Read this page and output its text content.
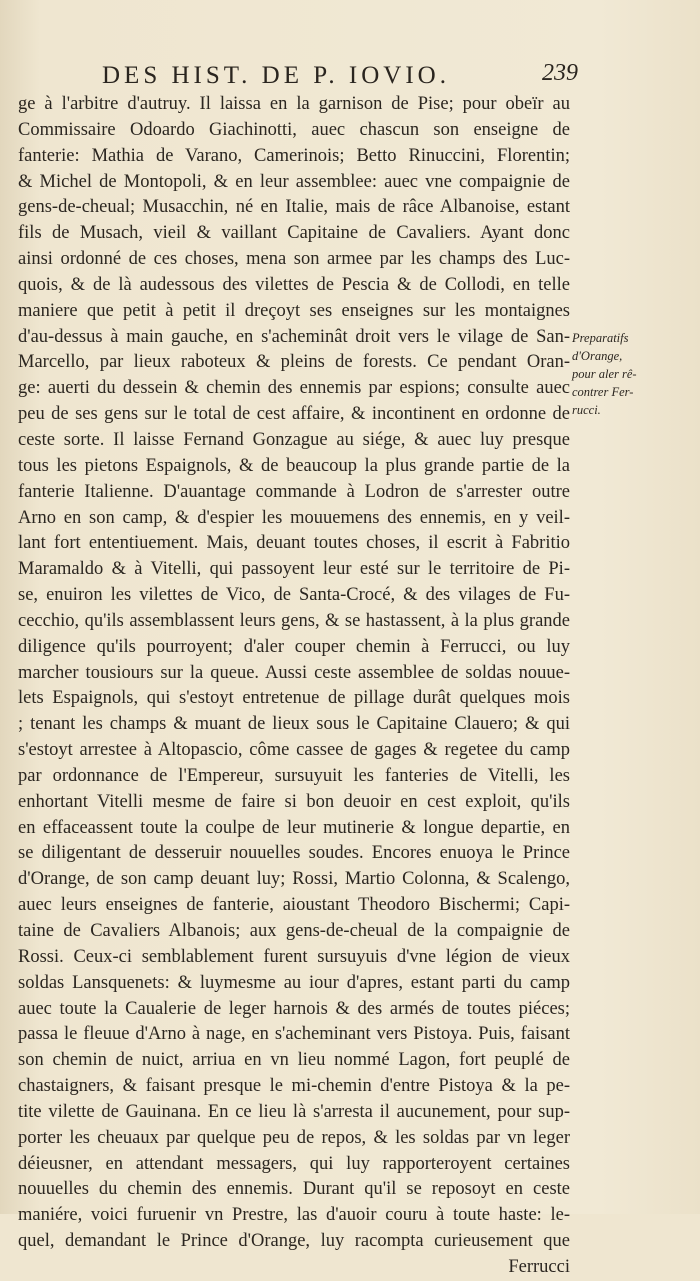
DES HIST. DE P. IOVIO.	239
ge à l'arbitre d'autruy. Il laissa en la garnison de Pise; pour obeïr au
Commissaire Odoardo Giachinotti, auec chascun son enseigne de
fanterie: Mathia de Varano, Camerinois; Betto Rinuccini, Florentin;
& Michel de Montopoli, & en leur assemblee: auec vne compaignie de
gens-de-cheual; Musacchin, né en Italie, mais de râce Albanoise, estant
fils de Musach, vieil & vaillant Capitaine de Cavaliers. Ayant donc
ainsi ordonné de ces choses, mena son armee par les champs des Luc-
quois, & de là audessous des vilettes de Pescia & de Collodi, en telle
maniere que petit à petit il dreçoyt ses enseignes sur les montaignes
d'au-dessus à main gauche, en s'acheminât droit vers le vilage de San-
Marcello, par lieux raboteux & pleins de forests. Ce pendant Oran-
ge: auerti du dessein & chemin des ennemis par espions; consulte auec
peu de ses gens sur le total de cest affaire, & incontinent en ordonne de
ceste sorte. Il laisse Fernand Gonzague au siége, & auec luy presque
tous les pietons Espaignols, & de beaucoup la plus grande partie de la
fanterie Italienne. D'auantage commande à Lodron de s'arrester outre
Arno en son camp, & d'espier les mouuemens des ennemis, en y veil-
lant fort ententiuement. Mais, deuant toutes choses, il escrit à Fabritio
Maramaldo & à Vitelli, qui passoyent leur esté sur le territoire de Pi-
se, enuiron les vilettes de Vico, de Santa-Crocé, & des vilages de Fu-
cecchio, qu'ils assemblassent leurs gens, & se hastassent, à la plus grande
diligence qu'ils pourroyent; d'aler couper chemin à Ferrucci, ou luy
marcher tousiours sur la queue. Aussi ceste assemblee de soldas nouue-
lets Espaignols, qui s'estoyt entretenue de pillage durât quelques mois
; tenant les champs & muant de lieux sous le Capitaine Clauero; & qui
s'estoyt arrestee à Altopascio, côme cassee de gages & regetee du camp
par ordonnance de l'Empereur, sursuyuit les fanteries de Vitelli, les
enhortant Vitelli mesme de faire si bon deuoir en cest exploit, qu'ils
en effaceassent toute la coulpe de leur mutinerie & longue departie, en
se diligentant de desseruir nouuelles soudes. Encores enuoya le Prince
d'Orange, de son camp deuant luy; Rossi, Martio Colonna, & Scalengo,
auec leurs enseignes de fanterie, aioustant Theodoro Bischermi; Capi-
taine de Cavaliers Albanois; aux gens-de-cheual de la compaignie de
Rossi. Ceux-ci semblablement furent sursuyuis d'vne légion de vieux
soldas Lansquenets: & luymesme au iour d'apres, estant parti du camp
auec toute la Caualerie de leger harnois & des armés de toutes piéces;
passa le fleuue d'Arno à nage, en s'acheminant vers Pistoya. Puis, faisant
son chemin de nuict, arriua en vn lieu nommé Lagon, fort peuplé de
chastaigners, & faisant presque le mi-chemin d'entre Pistoya & la pe-
tite vilette de Gauinana. En ce lieu là s'arresta il aucunement, pour sup-
porter les cheuaux par quelque peu de repos, & les soldas par vn leger
déieusner, en attendant messagers, qui luy rapporteroyent certaines
nouuelles du chemin des ennemis. Durant qu'il se reposoyt en ceste
maniére, voici furuenir vn Prestre, las d'auoir couru à toute haste: le-
quel, demandant le Prince d'Orange, luy racompta curieusement que
Ferrucci
Preparatifs
d'Orange,
pour aler rê-
contrer Fer-
rucci.
